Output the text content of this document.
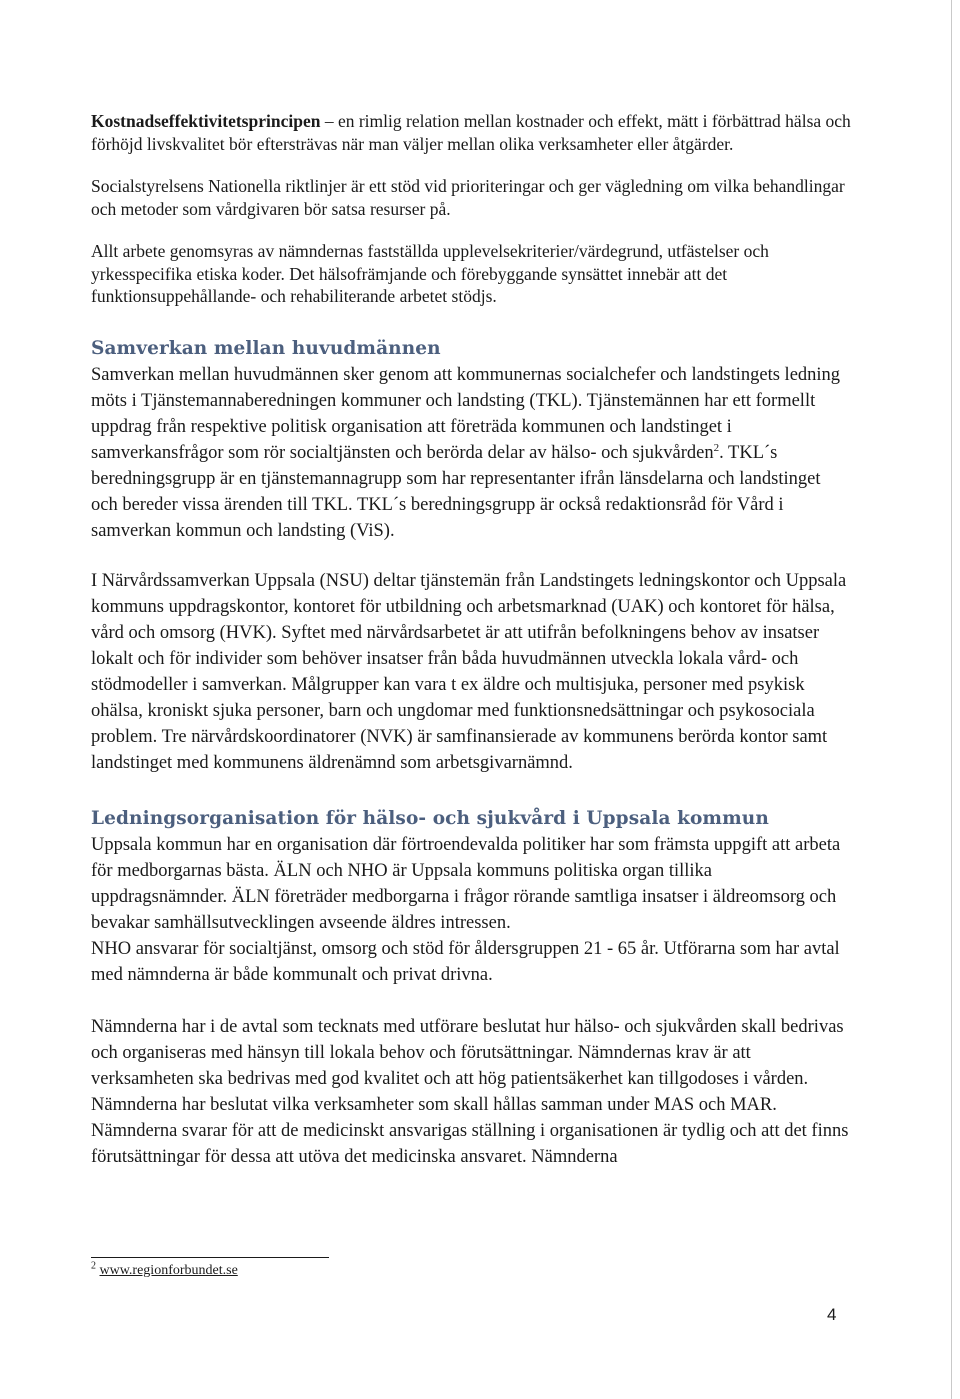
Kostnadseffektivitetsprincipen – en rimlig relation mellan kostnader och effekt, mätt i förbättrad hälsa och förhöjd livskvalitet bör eftersträvas när man väljer mellan olika verksamheter eller åtgärder.

Socialstyrelsens Nationella riktlinjer är ett stöd vid prioriteringar och ger vägledning om vilka behandlingar och metoder som vårdgivaren bör satsa resurser på.

Allt arbete genomsyras av nämndernas fastställda upplevelsekriterier/värdegrund, utfästelser och yrkesspecifika etiska koder. Det hälsofrämjande och förebyggande synsättet innebär att det funktionsuppehållande- och rehabiliterande arbetet stödjs.

Samverkan mellan huvudmännen

Samverkan mellan huvudmännen sker genom att kommunernas socialchefer och landstingets ledning möts i Tjänstemannaberedningen kommuner och landsting (TKL). Tjänstemännen har ett formellt uppdrag från respektive politisk organisation att företräda kommunen och landstinget i samverkansfrågor som rör socialtjänsten och berörda delar av hälso- och sjukvården$^2$. TKL´s beredningsgrupp är en tjänstemannagrupp som har representanter ifrån länsdelarna och landstinget och bereder vissa ärenden till TKL. TKL´s beredningsgrupp är också redaktionsråd för Vård i samverkan kommun och landsting (ViS).

I Närvårdssamverkan Uppsala (NSU) deltar tjänstemän från Landstingets ledningskontor och Uppsala kommuns uppdragskontor, kontoret för utbildning och arbetsmarknad (UAK) och kontoret för hälsa, vård och omsorg (HVK). Syftet med närvårdsarbetet är att utifrån befolkningens behov av insatser lokalt och för individer som behöver insatser från båda huvudmännen utveckla lokala vård- och stödmodeller i samverkan. Målgrupper kan vara t ex äldre och multisjuka, personer med psykisk ohälsa, kroniskt sjuka personer, barn och ungdomar med funktionsnedsättningar och psykosociala problem. Tre närvårdskoordinatorer (NVK) är samfinansierade av kommunens berörda kontor samt landstinget med kommunens äldrenämnd som arbetsgivarnämnd.

Ledningsorganisation för hälso- och sjukvård i Uppsala kommun

Uppsala kommun har en organisation där förtroendevalda politiker har som främsta uppgift att arbeta för medborgarnas bästa. ÄLN och NHO är Uppsala kommuns politiska organ tillika uppdragsnämnder. ÄLN företräder medborgarna i frågor rörande samtliga insatser i äldreomsorg och bevakar samhällsutvecklingen avseende äldres intressen.

NHO ansvarar för socialtjänst, omsorg och stöd för åldersgruppen 21 - 65 år. Utförarna som har avtal med nämnderna är både kommunalt och privat drivna.

Nämnderna har i de avtal som tecknats med utförare beslutat hur hälso- och sjukvården skall bedrivas och organiseras med hänsyn till lokala behov och förutsättningar. Nämndernas krav är att verksamheten ska bedrivas med god kvalitet och att hög patientsäkerhet kan tillgodoses i vården. Nämnderna har beslutat vilka verksamheter som skall hållas samman under MAS och MAR. Nämnderna svarar för att de medicinskt ansvarigas ställning i organisationen är tydlig och att det finns förutsättningar för dessa att utöva det medicinska ansvaret. Nämnderna

$^2$ www.regionforbundet.se
4
